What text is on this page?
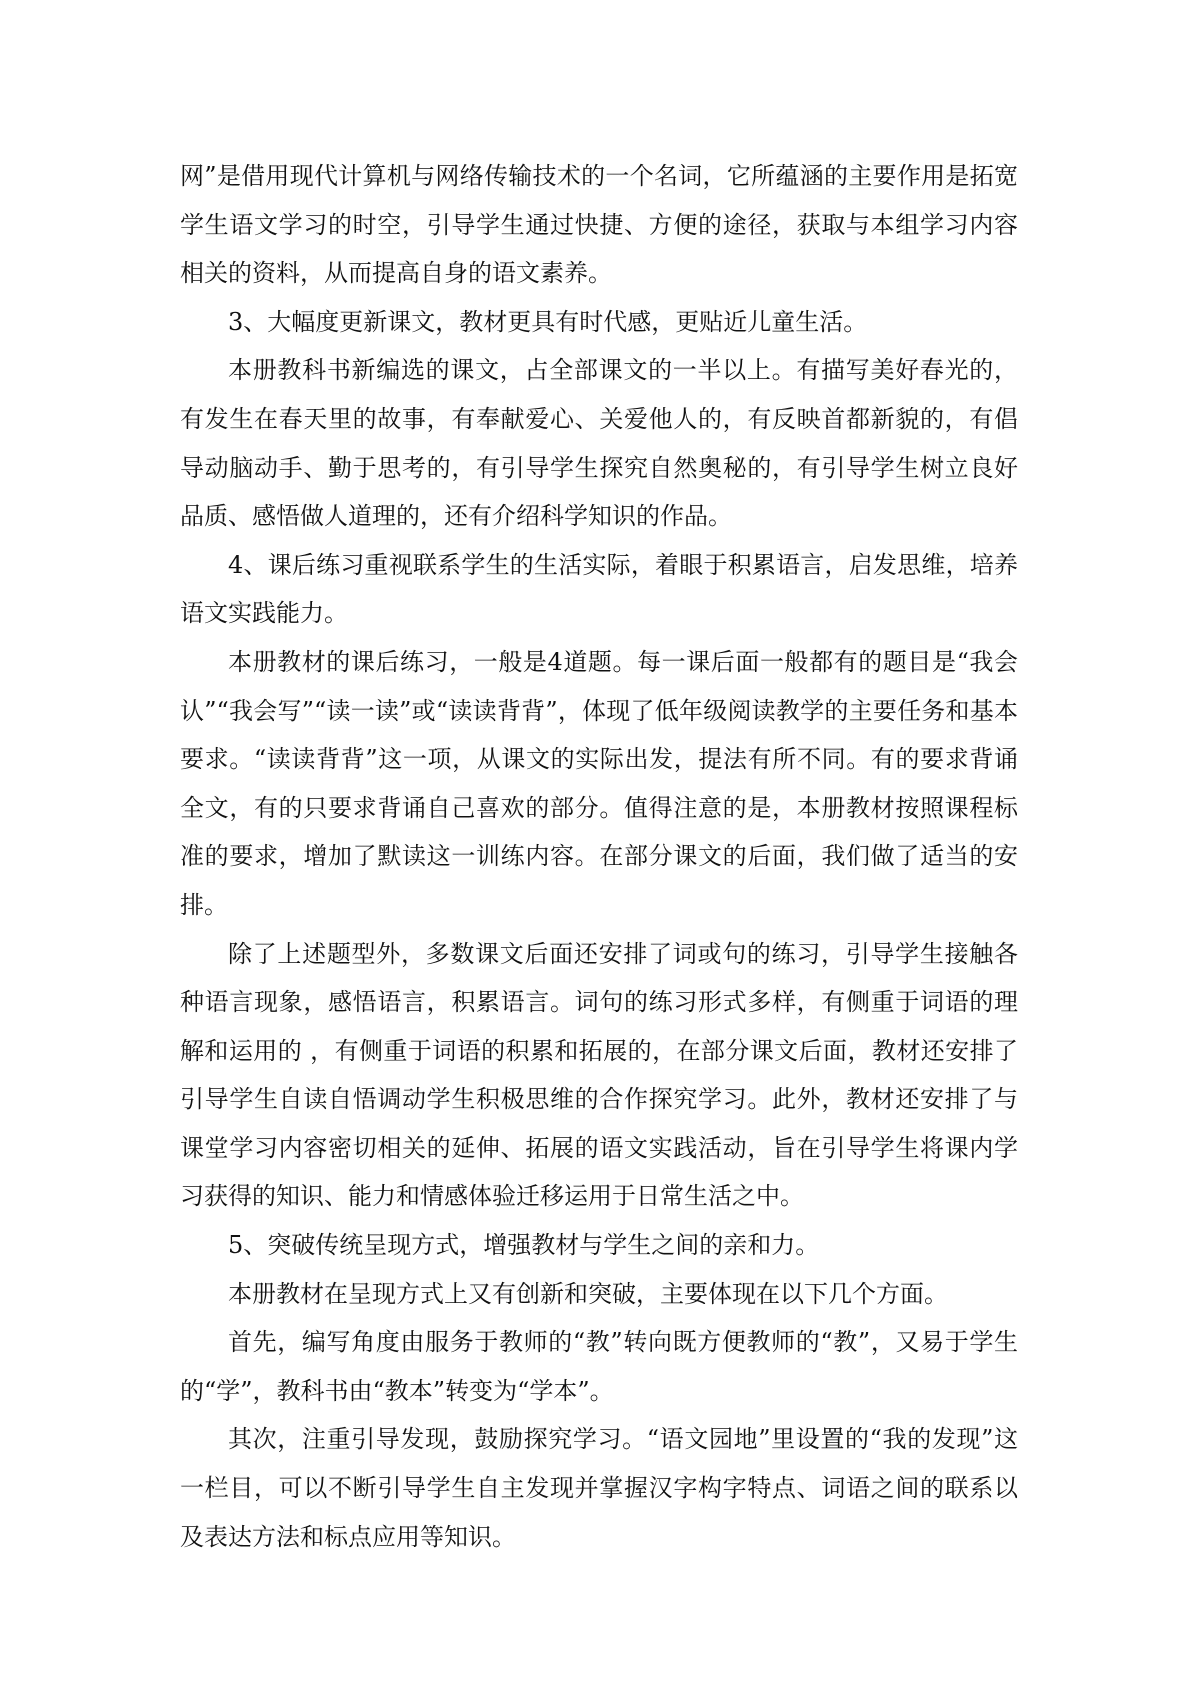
网”是借用现代计算机与网络传输技术的一个名词，它所蕴涵的主要作用是拓宽学生语文学习的时空，引导学生通过快捷、方便的途径，获取与本组学习内容相关的资料，从而提高自身的语文素养。

3、大幅度更新课文，教材更具有时代感，更贴近儿童生活。

本册教科书新编选的课文，占全部课文的一半以上。有描写美好春光的，有发生在春天里的故事，有奉献爱心、关爱他人的，有反映首都新貌的，有倡导动脑动手、勤于思考的，有引导学生探究自然奥秘的，有引导学生树立良好品质、感悟做人道理的，还有介绍科学知识的作品。

4、课后练习重视联系学生的生活实际，着眼于积累语言，启发思维，培养语文实践能力。

本册教材的课后练习，一般是4道题。每一课后面一般都有的题目是“我会认”“我会写”“读一读”或“读读背背”，体现了低年级阅读教学的主要任务和基本要求。“读读背背”这一项，从课文的实际出发，提法有所不同。有的要求背诵全文，有的只要求背诵自己喜欢的部分。值得注意的是，本册教材按照课程标准的要求，增加了默读这一训练内容。在部分课文的后面，我们做了适当的安排。

除了上述题型外，多数课文后面还安排了词或句的练习，引导学生接触各种语言现象，感悟语言，积累语言。词句的练习形式多样，有侧重于词语的理解和运用的 ，有侧重于词语的积累和拓展的，在部分课文后面，教材还安排了引导学生自读自悟调动学生积极思维的合作探究学习。此外，教材还安排了与课堂学习内容密切相关的延伸、拓展的语文实践活动，旨在引导学生将课内学习获得的知识、能力和情感体验迁移运用于日常生活之中。

5、突破传统呈现方式，增强教材与学生之间的亲和力。

本册教材在呈现方式上又有创新和突破，主要体现在以下几个方面。

首先，编写角度由服务于教师的“教”转向既方便教师的“教”，又易于学生的“学”，教科书由“教本”转变为“学本”。

其次，注重引导发现，鼓励探究学习。“语文园地”里设置的“我的发现”这一栏目，可以不断引导学生自主发现并掌握汉字构字特点、词语之间的联系以及表达方法和标点应用等知识。
